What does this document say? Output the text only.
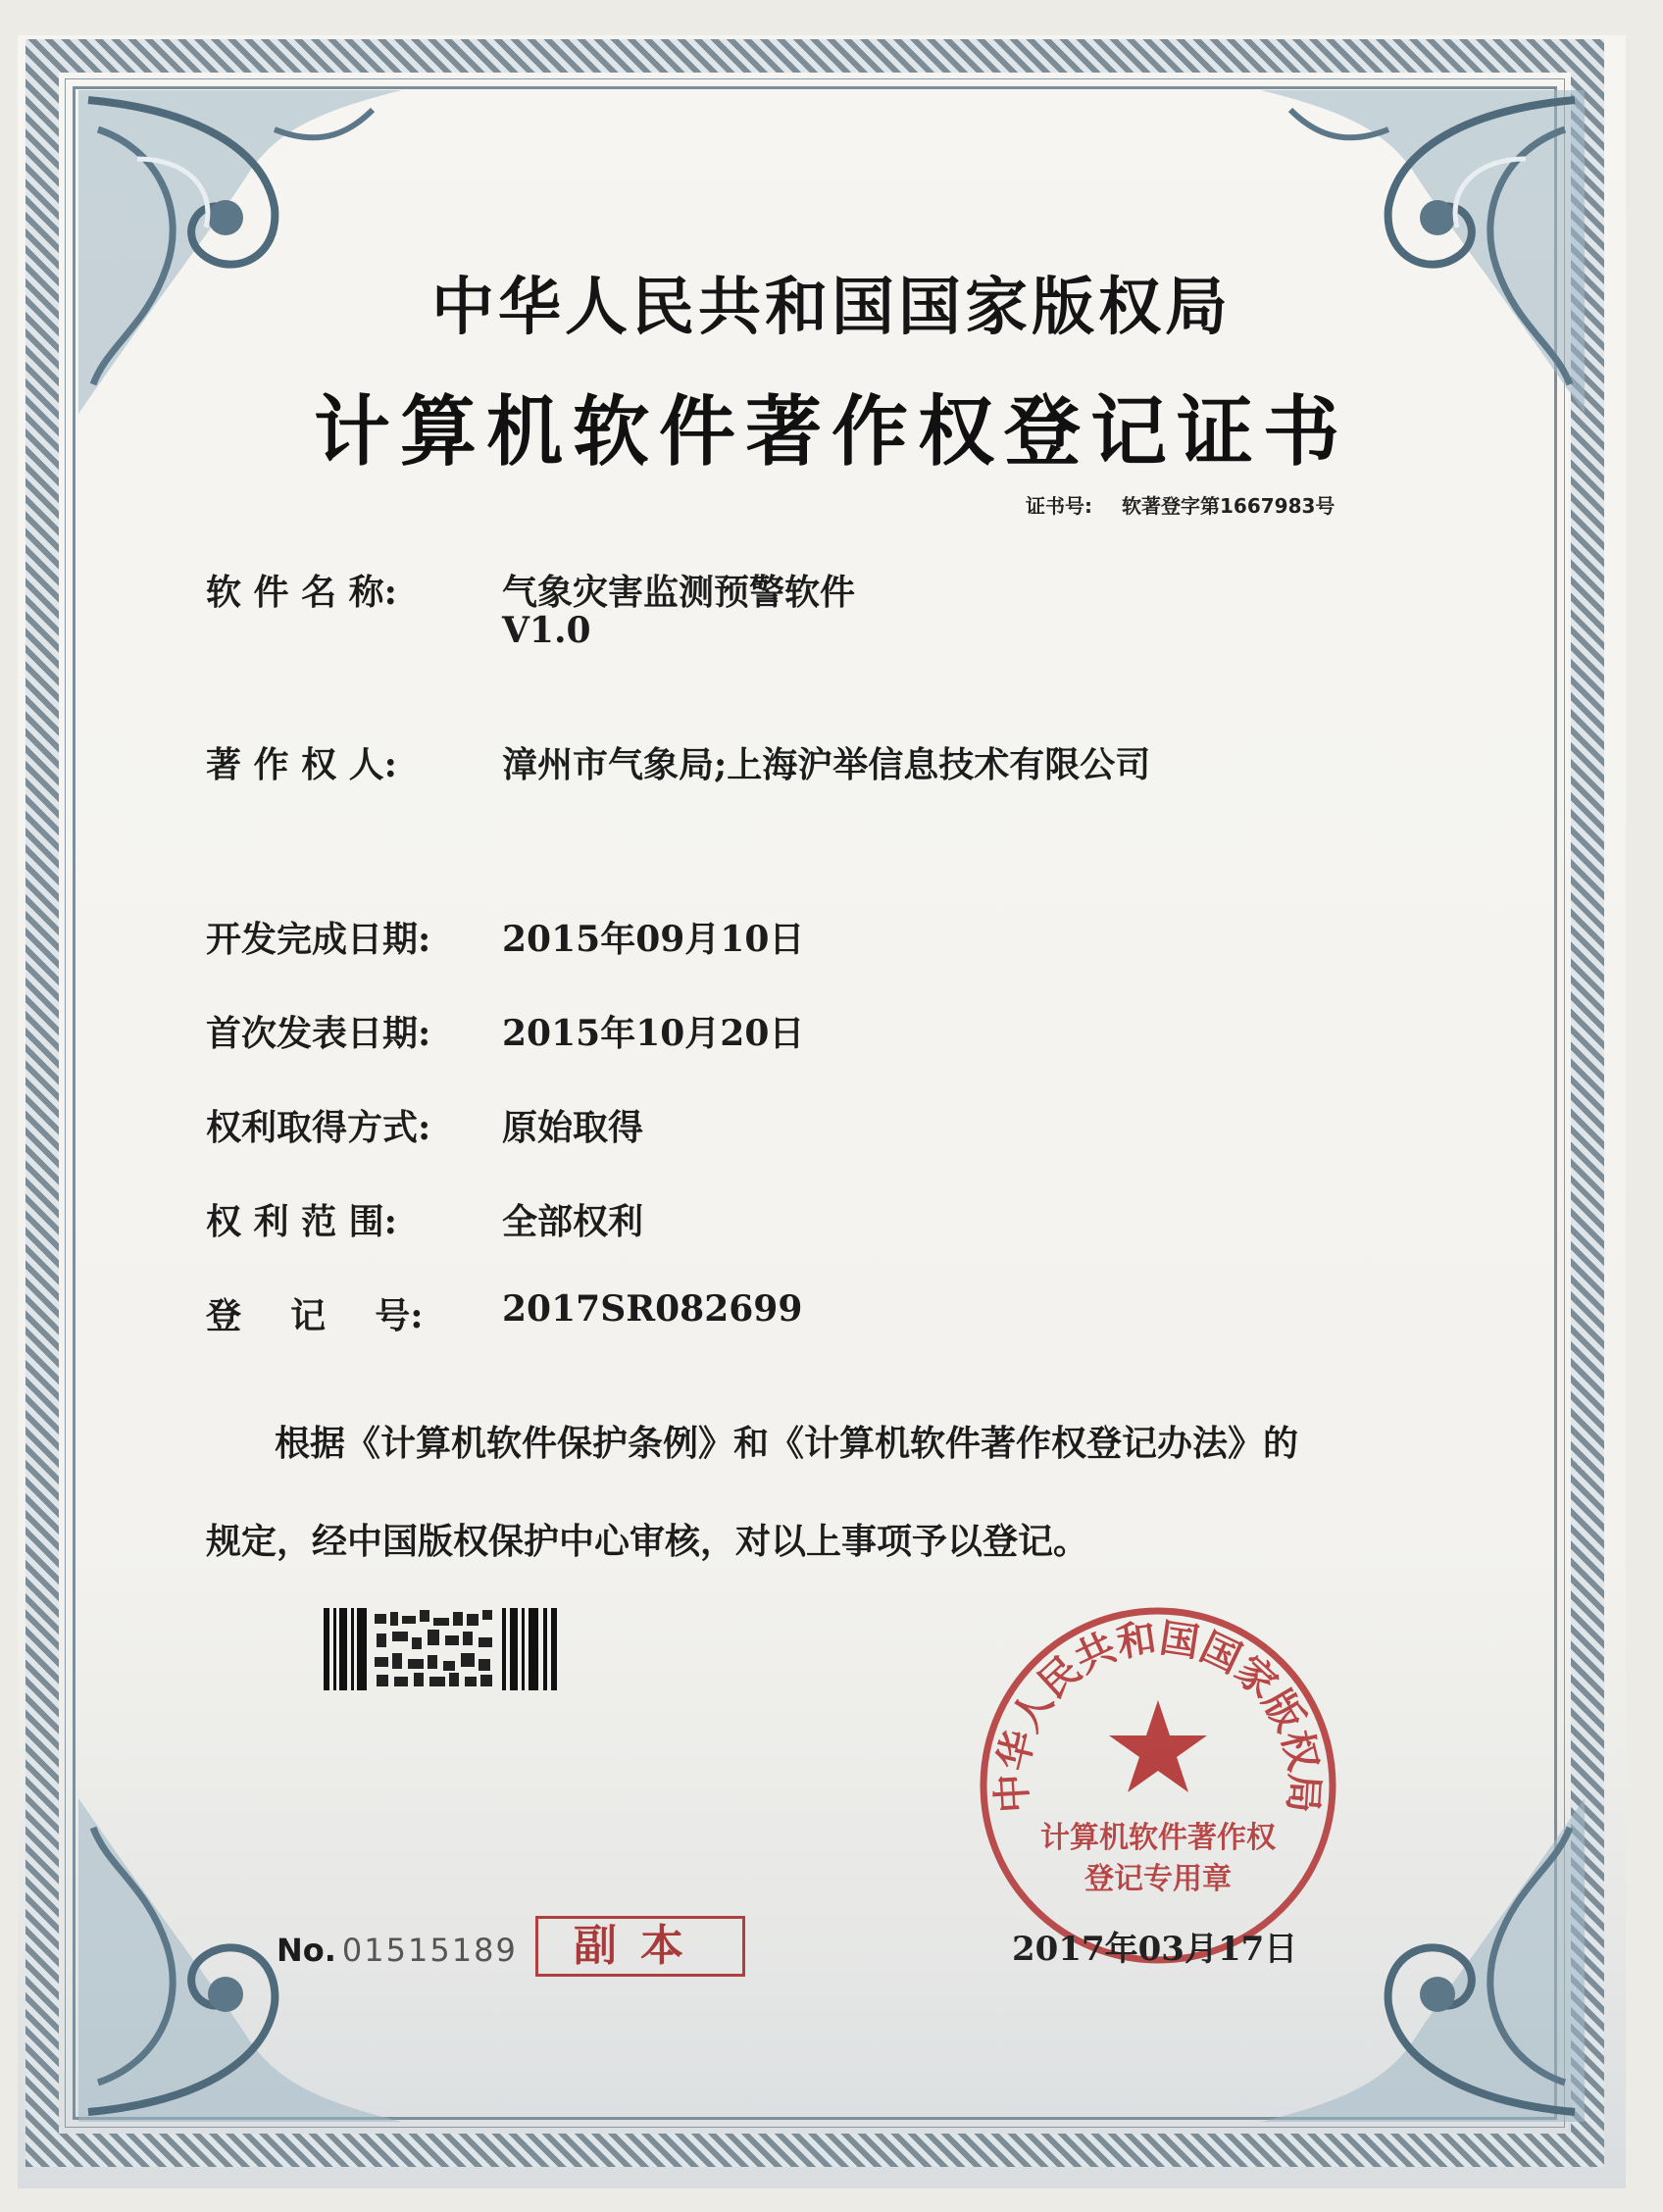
中华人民共和国国家版权局
计算机软件著作权登记证书
证书号: 软著登字第1667983号
软 件 名 称:	气象灾害监测预警软件
V1.0
著 作 权 人:	漳州市气象局;上海沪举信息技术有限公司
开发完成日期: 2015年09月10日
首次发表日期: 2015年10月20日
权利取得方式: 原始取得
权 利 范 围:	全部权利
登    记    号: 2017SR082699
根据《计算机软件保护条例》和《计算机软件著作权登记办法》的
规定，经中国版权保护中心审核，对以上事项予以登记。
中华人民共和国国家版权局
计算机软件著作权
登记专用章
2017年03月17日
No. 01515189	副本
